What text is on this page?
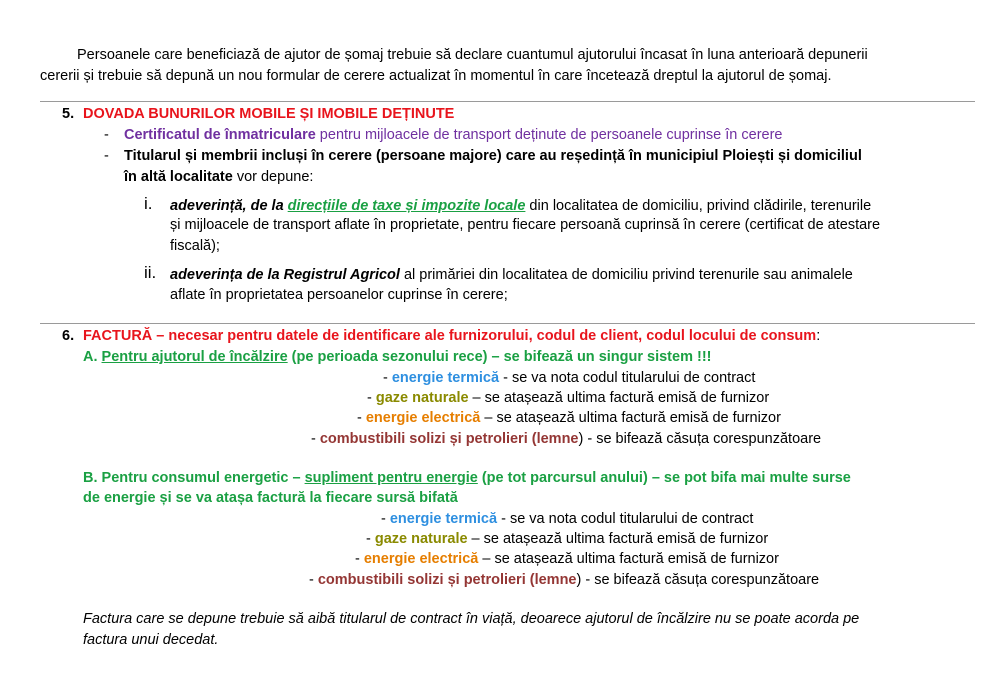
Persoanele care beneficiază de ajutor de șomaj trebuie să declare cuantumul ajutorului încasat în luna anterioară depunerii
cererii și trebuie să depună un nou formular de cerere actualizat în momentul în care încetează dreptul la ajutorul de șomaj.
5. DOVADA BUNURILOR MOBILE ȘI IMOBILE DEȚINUTE
- Certificatul de înmatriculare pentru mijloacele de transport deținute de persoanele cuprinse în cerere
- Titularul și membrii incluși în cerere (persoane majore) care au reședință în municipiul Ploiești și domiciliul
în altă localitate vor depune:
i. adeverință, de la direcțiile de taxe și impozite locale din localitatea de domiciliu, privind clădirile, terenurile
și mijloacele de transport aflate în proprietate, pentru fiecare persoană cuprinsă în cerere (certificat de atestare
fiscală);
ii. adeverința de la Registrul Agricol al primăriei din localitatea de domiciliu privind terenurile sau animalele
aflate în proprietatea persoanelor cuprinse în cerere;
6. FACTURĂ – necesar pentru datele de identificare ale furnizorului, codul de client, codul locului de consum:
A. Pentru ajutorul de încălzire (pe perioada sezonului rece) – se bifează un singur sistem !!!
- energie termică - se va nota codul titularului de contract
- gaze naturale – se atașează ultima factură emisă de furnizor
- energie electrică – se atașează ultima factură emisă de furnizor
- combustibili solizi și petrolieri (lemne) - se bifează căsuța corespunzătoare
B. Pentru consumul energetic – supliment pentru energie (pe tot parcursul anului) – se pot bifa mai multe surse
de energie și se va atașa factură la fiecare sursă bifată
- energie termică - se va nota codul titularului de contract
- gaze naturale – se atașează ultima factură emisă de furnizor
- energie electrică – se atașează ultima factură emisă de furnizor
- combustibili solizi și petrolieri (lemne) - se bifează căsuța corespunzătoare
Factura care se depune trebuie să aibă titularul de contract în viață, deoarece ajutorul de încălzire nu se poate acorda pe
factura unui decedat.
